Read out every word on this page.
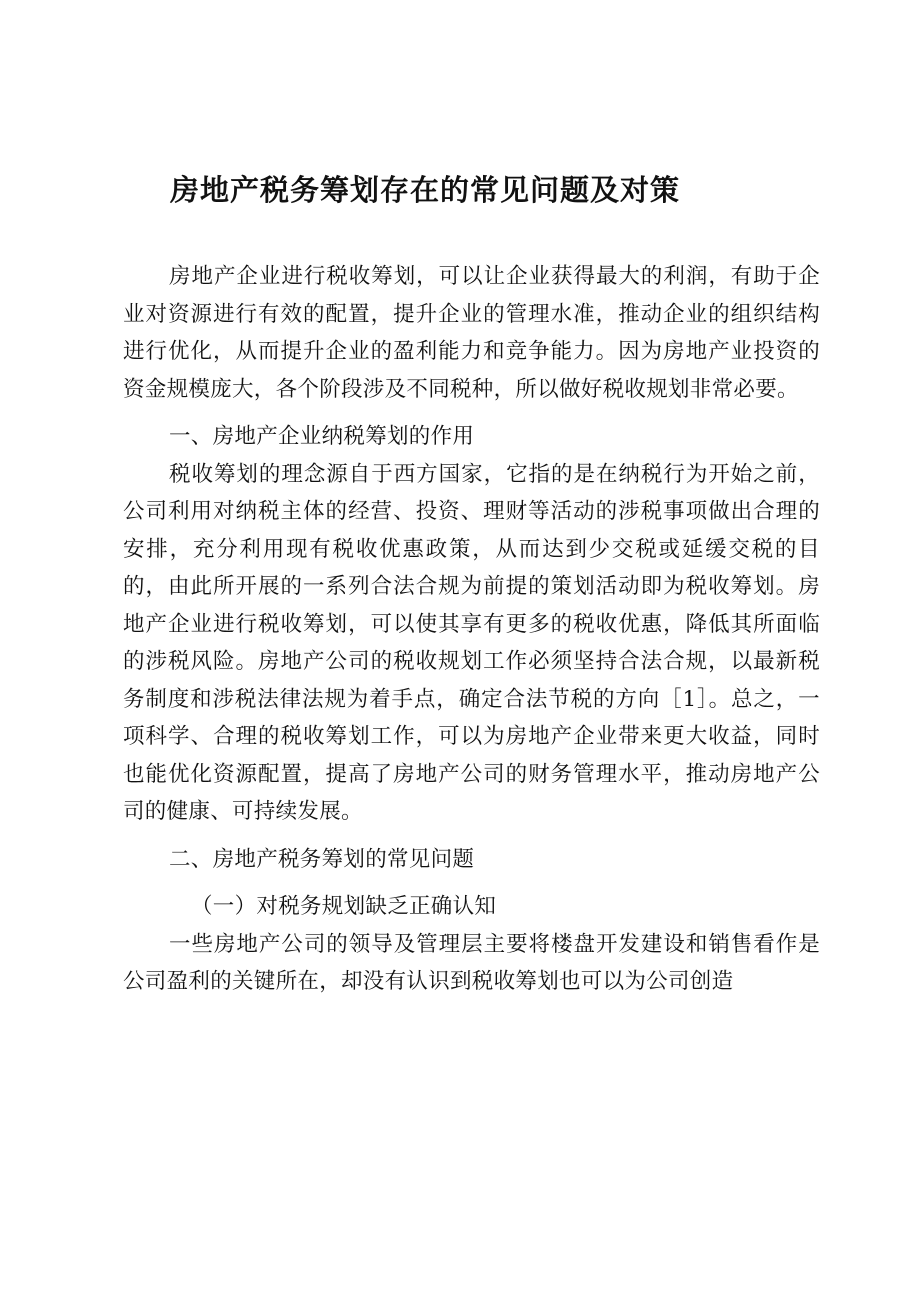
房地产税务筹划存在的常见问题及对策

房地产企业进行税收筹划，可以让企业获得最大的利润，有助于企业对资源进行有效的配置，提升企业的管理水准，推动企业的组织结构进行优化，从而提升企业的盈利能力和竞争能力。因为房地产业投资的资金规模庞大，各个阶段涉及不同税种，所以做好税收规划非常必要。

一、房地产企业纳税筹划的作用

税收筹划的理念源自于西方国家，它指的是在纳税行为开始之前，公司利用对纳税主体的经营、投资、理财等活动的涉税事项做出合理的安排，充分利用现有税收优惠政策，从而达到少交税或延缓交税的目的，由此所开展的一系列合法合规为前提的策划活动即为税收筹划。房地产企业进行税收筹划，可以使其享有更多的税收优惠，降低其所面临的涉税风险。房地产公司的税收规划工作必须坚持合法合规，以最新税务制度和涉税法律法规为着手点，确定合法节税的方向［1］。总之，一项科学、合理的税收筹划工作，可以为房地产企业带来更大收益，同时也能优化资源配置，提高了房地产公司的财务管理水平，推动房地产公司的健康、可持续发展。

二、房地产税务筹划的常见问题

（一）对税务规划缺乏正确认知

一些房地产公司的领导及管理层主要将楼盘开发建设和销售看作是公司盈利的关键所在，却没有认识到税收筹划也可以为公司创造
